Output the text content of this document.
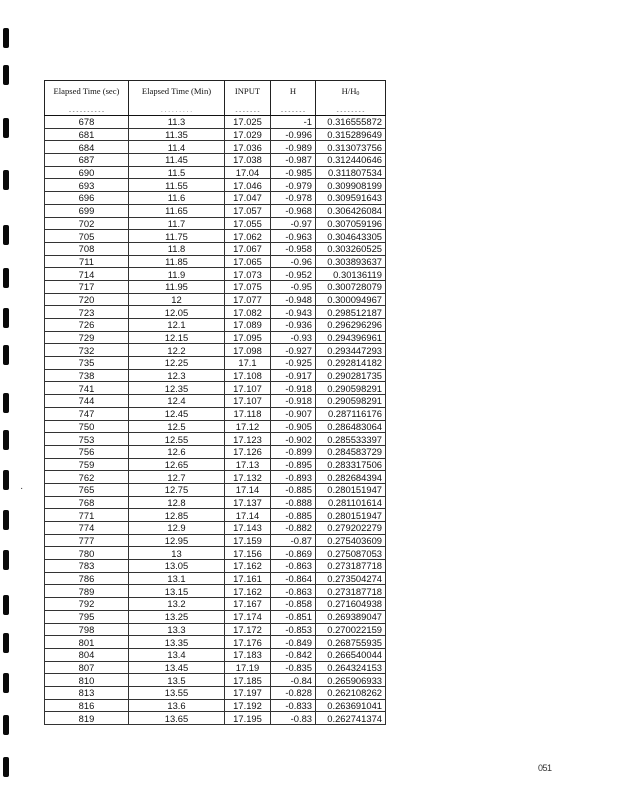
·
Elapsed Time (sec)	Elapsed Time (Min)	INPUT	H	$H/H_0$
- - - - - - - - - -	· · · · · · · · ·	- - - - - - -	- - - - - - -	- - - - - - - -
678	11.3	17.025	-1	0.316555872
681	11.35	17.029	-0.996	0.315289649
684	11.4	17.036	-0.989	0.313073756
687	11.45	17.038	-0.987	0.312440646
690	11.5	17.04	-0.985	0.311807534
693	11.55	17.046	-0.979	0.309908199
696	11.6	17.047	-0.978	0.309591643
699	11.65	17.057	-0.968	0.306426084
702	11.7	17.055	-0.97	0.307059196
705	11.75	17.062	-0.963	0.304643305
708	11.8	17.067	-0.958	0.303260525
711	11.85	17.065	-0.96	0.303893637
714	11.9	17.073	-0.952	0.30136119
717	11.95	17.075	-0.95	0.300728079
720	12	17.077	-0.948	0.300094967
723	12.05	17.082	-0.943	0.298512187
726	12.1	17.089	-0.936	0.296296296
729	12.15	17.095	-0.93	0.294396961
732	12.2	17.098	-0.927	0.293447293
735	12.25	17.1	-0.925	0.292814182
738	12.3	17.108	-0.917	0.290281735
741	12.35	17.107	-0.918	0.290598291
744	12.4	17.107	-0.918	0.290598291
747	12.45	17.118	-0.907	0.287116176
750	12.5	17.12	-0.905	0.286483064
753	12.55	17.123	-0.902	0.285533397
756	12.6	17.126	-0.899	0.284583729
759	12.65	17.13	-0.895	0.283317506
762	12.7	17.132	-0.893	0.282684394
765	12.75	17.14	-0.885	0.280151947
768	12.8	17.137	-0.888	0.281101614
771	12.85	17.14	-0.885	0.280151947
774	12.9	17.143	-0.882	0.279202279
777	12.95	17.159	-0.87	0.275403609
780	13	17.156	-0.869	0.275087053
783	13.05	17.162	-0.863	0.273187718
786	13.1	17.161	-0.864	0.273504274
789	13.15	17.162	-0.863	0.273187718
792	13.2	17.167	-0.858	0.271604938
795	13.25	17.174	-0.851	0.269389047
798	13.3	17.172	-0.853	0.270022159
801	13.35	17.176	-0.849	0.268755935
804	13.4	17.183	-0.842	0.266540044
807	13.45	17.19	-0.835	0.264324153
810	13.5	17.185	-0.84	0.265906933
813	13.55	17.197	-0.828	0.262108262
816	13.6	17.192	-0.833	0.263691041
819	13.65	17.195	-0.83	0.262741374
051
